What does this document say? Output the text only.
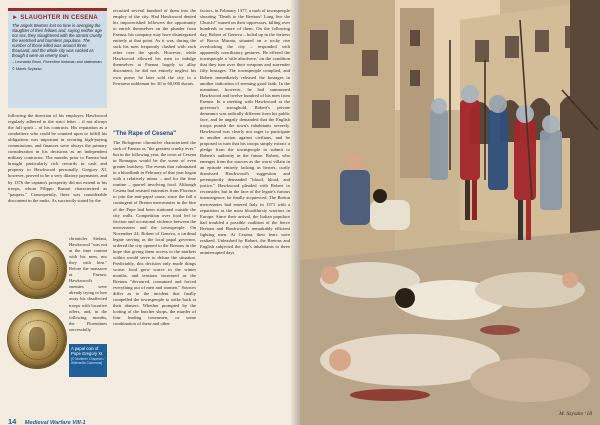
► SLAUGHTER IN CESENA
The angels Bretons lost no time in avenging the slaughter of their fellows and, saying neither age nor sex, they slaughtered with the utmost cruelty the wretched and harmless populace. The number of those killed was around three thousand, and the whole city was sacked as though it were an enemy town.
– Leonardo Bruni, Florentine historian and statesman.
© Marek Szyszko

following the direction of his employer, Hawkwood regularly adhered to the strict letter – if not always the full spirit – of his contracts. His reputation as a condottiere who could be counted upon to fulfill his obligations was important in securing high-paying commissions, and finances were always the primary consideration in his decisions as an independent military contractor. The months prior to Faenza had brought particularly rich rewards in cash and property to Hawkwood personally. Gregory XI, however, proved to be a very dilatory paymaster, and by 1376 the captain's prosperity did not extend to his troops, whom Filippo Bastari characterized as "paupers." Consequently, there was considerable discontent in the ranks. As succinctly stated by the

chronicler Stefani, Hawkwood "was not at the time content with his men, nor they with him." Before the massacre at Faenza, Hawkwood's enemies were already trying to lure away his disaffected troops with lucrative offers, and, in the following months, the Florentines successfully

A papal coin of Pope Gregory XI.
(© Mortimer Chapman / Wikimedia Commons)

recruited several hundred of them into the employ of the city. Had Hawkwood denied his impoverished followers the opportunity to enrich themselves on the plunder from Faenza, his company may have disintegrated entirely at that point. As it was, during the sack his men frequently clashed with each other over the spoils. However, while Hawkwood allowed his men to indulge themselves at Faenza largely to allay discontent, he did not entirely neglect his own purse; he later sold the city to a Ferrarese nobleman for 30 to 60,000 ducats.

"The Rape of Cesena"

The Bolognese chronicler characterized the sack of Faenza as "the greatest cruelty ever," but in the following year, the town of Cesena in Romagna would be the scene of even greater butchery. The events that culminated in a bloodbath in February of that year began with a relatively minor – and for the time routine – quarrel involving food. Although Cesena had resisted entreaties from Florence to join the anti-papal cause, since the fall a contingent of Breton mercenaries in the hire of the Pope had been stationed outside the city walls. Competition over food led to friction and occasional violence between the mercenaries and the townspeople. On November 24, Robert of Geneva, a cardinal legate serving as the local papal governor, ordered the city opened to the Bretons in the hope that giving them access to the markets within would serve to defuse the situation. Predictably, this decision only made things worse: food grew scarce in the winter months, and tensions increased as the Bretons "devoured, consumed and forced everything out of men and women." Sources differ as to the incident that finally compelled the townspeople to strike back at their abusers. Whether prompted by the looting of the butcher shops, the murder of four leading townsmen, or some combination of these and other

factors, in February 1377, a mob of townspeople shouting "Death to the Bretons! Long live the Church!" turned on their oppressors, killing over hundreds or more of them. On the following day, Robert of Geneva – holed up in the fortress of Rocca Murata, situated on a rocky rise overlooking the city – responded with apparently conciliatory gestures. He offered the townspeople a 'stile absolvere,' on the condition that they turn over their weapons and surrender fifty hostages. The townspeople complied, and Robert immediately released the hostages in another indication of seeming good faith. In the meantime, however, he had summoned Hawkwood and twelve hundred of his men from Faenza. In a meeting with Hawkwood at the governor's stronghold, Robert's private demeanor was radically different from his public face, and he angrily demanded that the English troops punish the town's inhabitants severely. Hawkwood was clearly not eager to participate in another action against civilians, and he proposed in turn that his troops simply extract a pledge from the townspeople to submit to Robert's authority in the future. Robert, who emerges from the sources as the worst villain in an episode entirely lacking in heroes, curtly dismissed Hawkwood's suggestion and peremptorily demanded "blood, blood, and justice." Hawkwood pleaded with Robert to reconsider, but in the face of the legate's furious intransigence, he finally acquiesced. The Breton mercenaries had entered Italy in 1371 with a reputation as the most bloodthirsty warriors in Europe. Since their arrival, the Italian populace had troubled a possible coalition of the fierce Bretons and Hawkwood's remarkably efficient fighting men. At Cesena, their fears were realized. Unleashed by Robert, the Bretons and English subjected the city's inhabitants to three uninterrupted days

14 Medieval Warfare VIII-1
M. Szyszko ‘18
